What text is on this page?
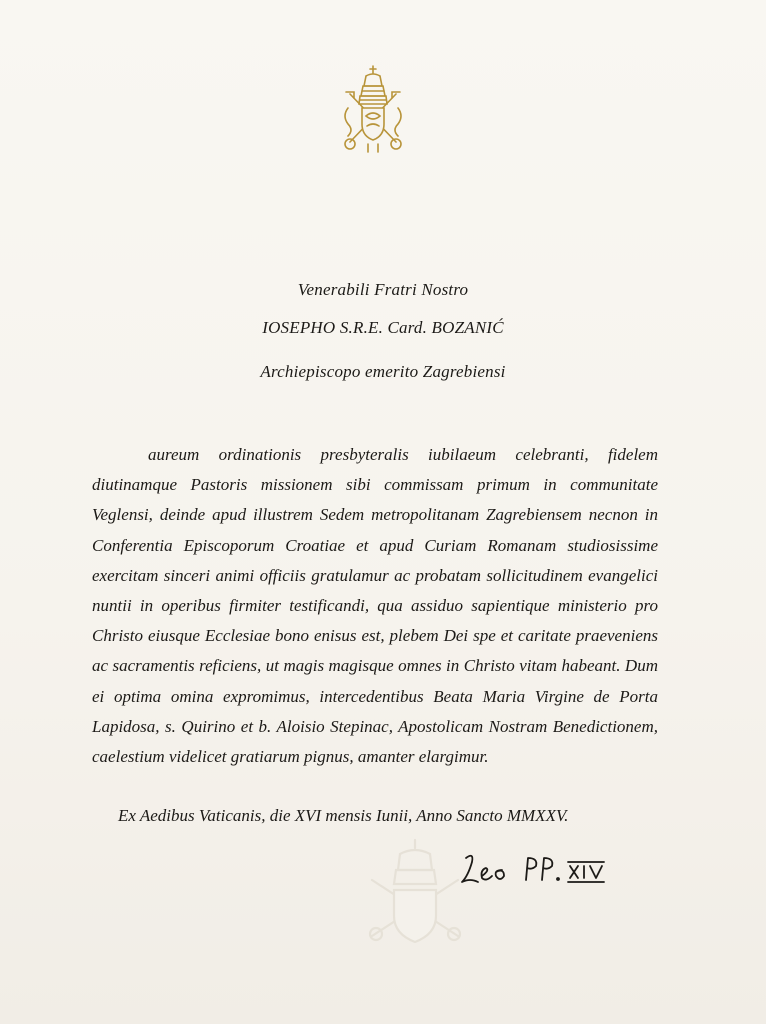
Venerabili Fratri Nostro
IOSEPHO S.R.E. Card. BOZANIĆ
Archiepiscopo emerito Zagrebiensi

aureum ordinationis presbyteralis iubilaeum celebranti, fidelem diutinamque Pastoris missionem sibi commissam primum in communitate Veglensi, deinde apud illustrem Sedem metropolitanam Zagrebiensem necnon in Conferentia Episcoporum Croatiae et apud Curiam Romanam studiosissime exercitam sinceri animi officiis gratulamur ac probatam sollicitudinem evangelici nuntii in operibus firmiter testificandi, qua assiduo sapientique ministerio pro Christo eiusque Ecclesiae bono enisus est, plebem Dei spe et caritate praeveniens ac sacramentis reficiens, ut magis magisque omnes in Christo vitam habeant. Dum ei optima omina expromimus, intercedentibus Beata Maria Virgine de Porta Lapidosa, s. Quirino et b. Aloisio Stepinac, Apostolicam Nostram Benedictionem, caelestium videlicet gratiarum pignus, amanter elargimur.

Ex Aedibus Vaticanis, die XVI mensis Iunii, Anno Sancto MMXXV.
